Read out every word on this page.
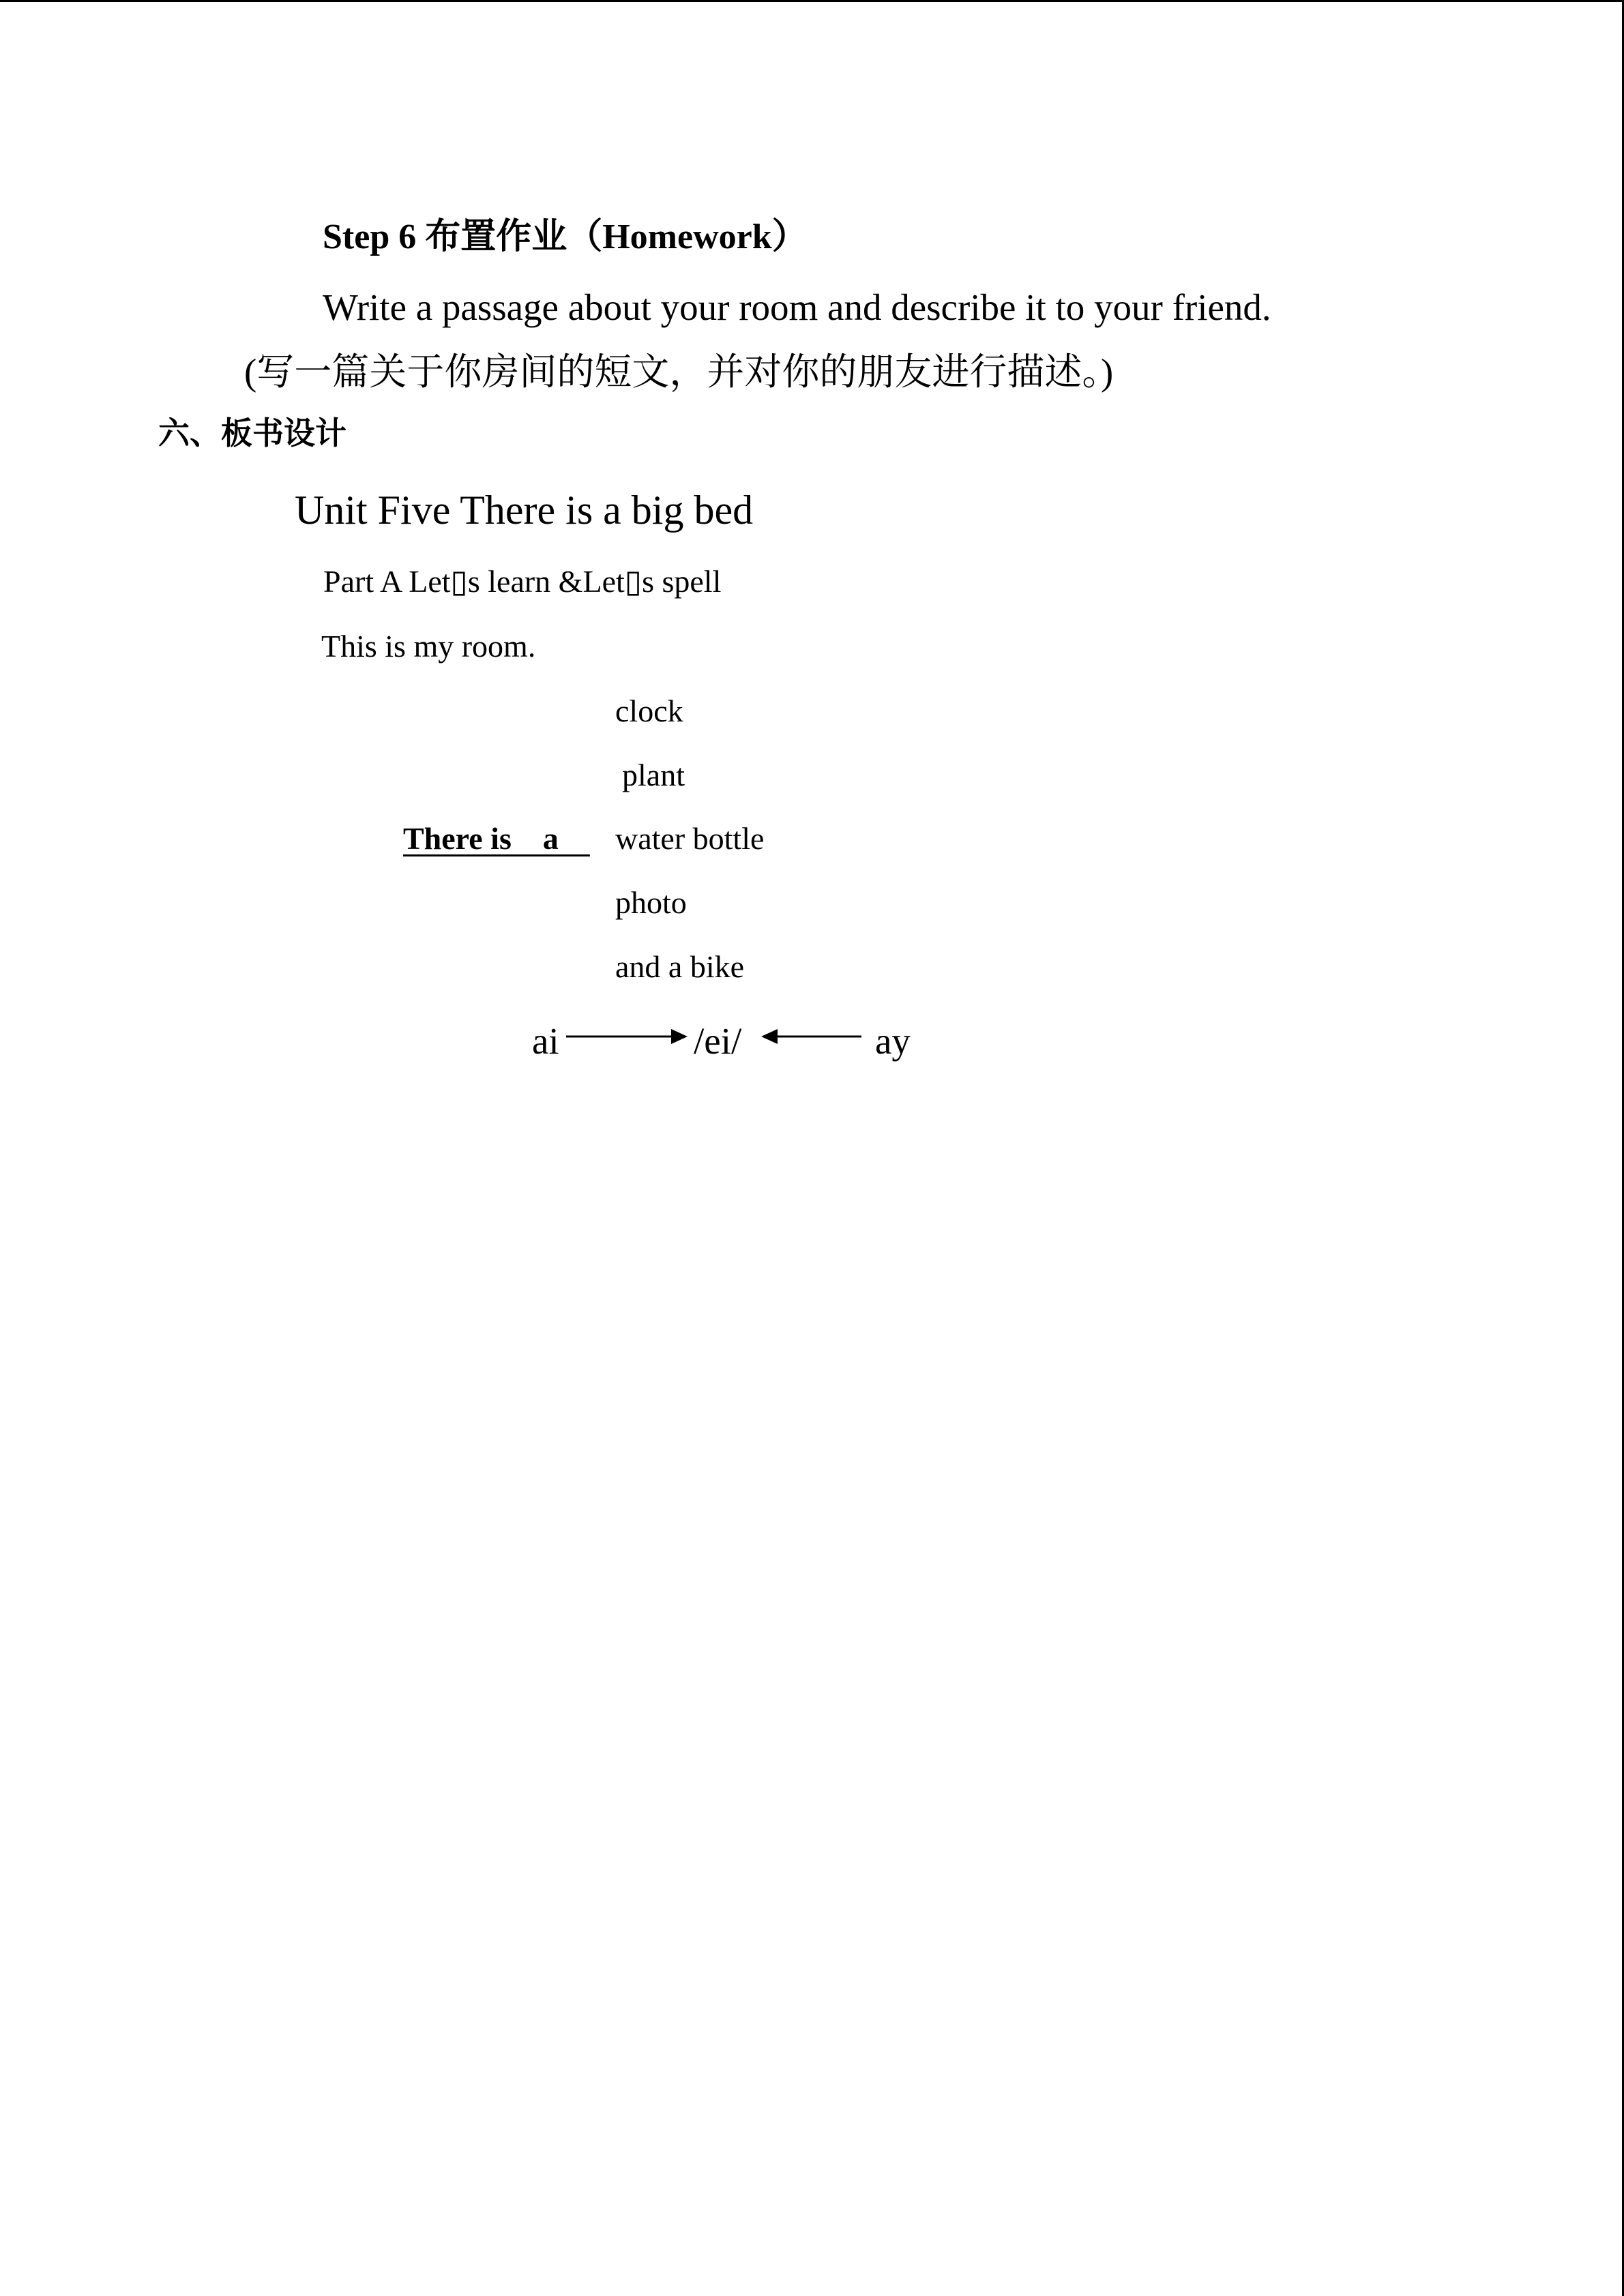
Step 6 布置作业（Homework）
Write a passage about your room and describe it to your friend.
(写一篇关于你房间的短文，并对你的朋友进行描述。)
六、板书设计
Unit Five There is a big bed
Part A Let▯s learn &Let▯s spell
This is my room.
clock
plant
There is    a water bottle
photo
and a bike
ai	/ei/	ay
